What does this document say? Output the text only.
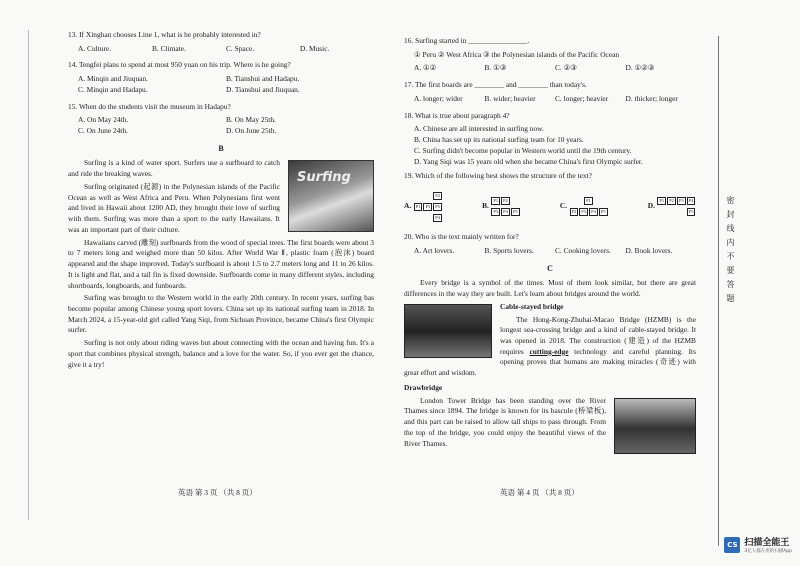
13. If Xinghan chooses Line 1, what is he probably interested in?
A. Culture.	B. Climate.	C. Space.	D. Music.
14. Tengfei plans to spend at most 950 yuan on his trip. Where is he going?
A. Minqin and Jiuquan.	B. Tianshui and Hadapu.
C. Minqin and Hadapu.	D. Tianshui and Jiuquan.
15. When do the students visit the museum in Hadapu?
A. On May 24th.	B. On May 25th.
C. On June 24th.	D. On June 25th.
B
Surfing

Surfing is a kind of water sport. Surfers use a surfboard to catch and ride the breaking waves.

Surfing originated (起源) in the Polynesian islands of the Pacific Ocean as well as West Africa and Peru. When Polynesians first went and lived in Hawaii about 1200 AD, they brought their love of surfing with them. Surfing was more than a sport to the early Hawaiians. It was an important part of their culture.

Hawaiians carved (雕刻) surfboards from the wood of special trees. The first boards were about 3 to 7 meters long and weighed more than 50 kilos. After World War Ⅱ, plastic foam (泡沫) board appeared and the shape improved. Today's surfboard is about 1.5 to 2.7 meters long and 11 to 26 kilos. It is light and flat, and a tail fin is fixed downside. Surfboards come in many different styles, including shortboards, longboards, and funboards.

Surfing was brought to the Western world in the early 20th century. In recent years, surfing has become popular among Chinese young sport lovers. China set up its national surfing team in 2018. In March 2024, a 15-year-old girl called Yang Siqi, from Sichuan Province, became China's first Olympic surfer.

Surfing is not only about riding waves but about connecting with the ocean and having fun. It's a sport that combines physical strength, balance and a love for the water. So, if you ever get the chance, give it a try!

英语 第 3 页 （共 8 页）
16. Surfing started in ________________.
① Peru ② West Africa ③ the Polynesian islands of the Pacific Ocean
A. ①②	B. ①③	C. ②③	D. ①②③
17. The first boards are ________ and ________ than today's.
A. longer; wider	B. wider; heavier	C. longer; heavier	D. thicker; longer
18. What is true about paragraph 4?
A. Chinese are all interested in surfing now.
B. China has set up its national surfing team for 10 years.
C. Surfing didn't become popular in Western world until the 19th century.
D. Yang Siqi was 15 years old when she became China's first Olympic surfer.
19. Which of the following best shows the structure of the text?
A.
P2
P1 P3 P5
P4
B.	P1 P2
P3 P4 P5
C.	P1
P2 P3 P4 P5
D.	P1 P2 P3 P4
P5
20. Who is the text mainly written for?
A. Art lovers.	B. Sports lovers.	C. Cooking lovers.	D. Book lovers.
C

Every bridge is a symbol of the times. Most of them look similar, but there are great differences in the way they are built. Let's learn about bridges around the world.

Cable-stayed bridge

The Hong-Kong-Zhuhai-Macao Bridge (HZMB) is the longest sea-crossing bridge and a kind of cable-stayed bridge. It was opened in 2018. The construction (建造) of the HZMB requires cutting-edge technology and careful planning. Its opening proves that humans are making miracles (奇迹) with great effort and wisdom.

Drawbridge

London Tower Bridge has been standing over the River Thames since 1894. The bridge is known for its bascule (桥梁板), and this part can be raised to allow tall ships to pass through. From the top of the bridge, you could enjoy the beautiful views of the River Thames.

英语 第 4 页 （共 8 页）
密封线内不要答题
CS 扫描全能王
3亿人都在用的扫描App
